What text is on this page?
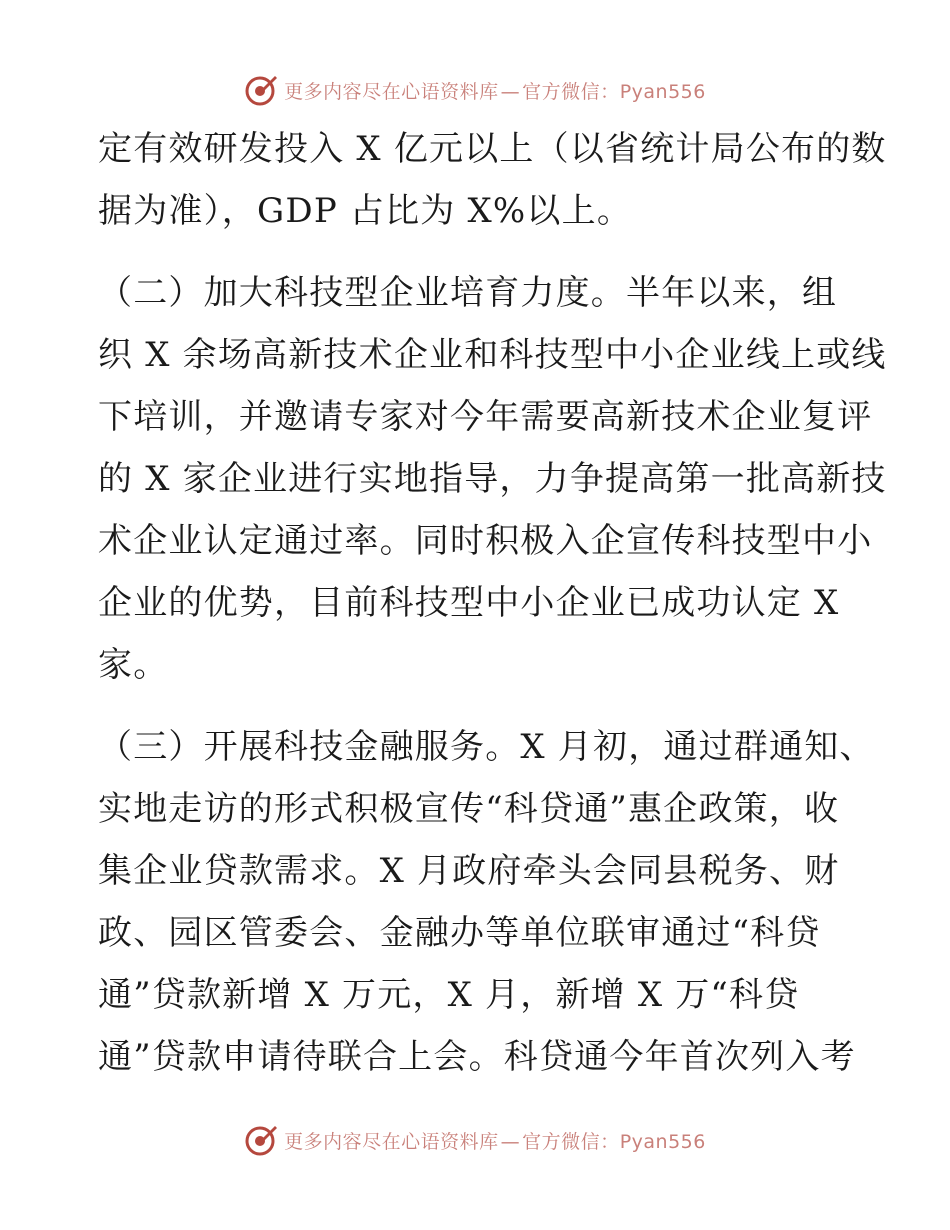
更多内容尽在心语资料库 — 官方微信：Pyan556
定有效研发投入 X 亿元以上（以省统计局公布的数
据为准），GDP 占比为 X%以上。
（二）加大科技型企业培育力度。半年以来，组
织 X 余场高新技术企业和科技型中小企业线上或线
下培训，并邀请专家对今年需要高新技术企业复评
的 X 家企业进行实地指导，力争提高第一批高新技
术企业认定通过率。同时积极入企宣传科技型中小
企业的优势，目前科技型中小企业已成功认定 X
家。
（三）开展科技金融服务。X 月初，通过群通知、
实地走访的形式积极宣传“科贷通”惠企政策，收
集企业贷款需求。X 月政府牵头会同县税务、财
政、园区管委会、金融办等单位联审通过“科贷
通”贷款新增 X 万元，X 月，新增 X 万“科贷
通”贷款申请待联合上会。科贷通今年首次列入考
更多内容尽在心语资料库 — 官方微信：Pyan556
